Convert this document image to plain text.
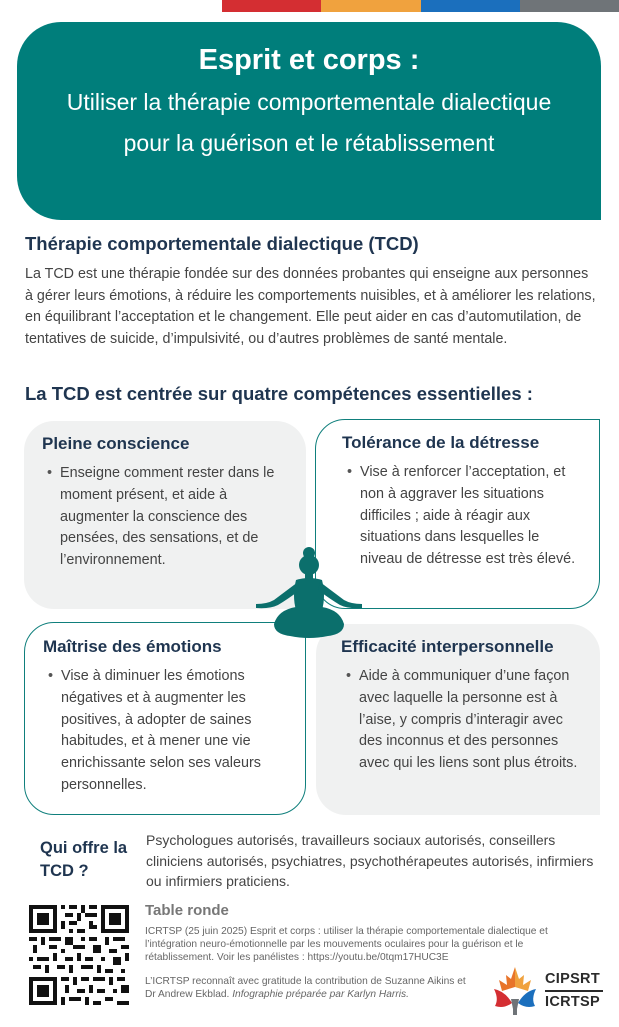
Esprit et corps :
Utiliser la thérapie comportementale dialectique pour la guérison et le rétablissement
Thérapie comportementale dialectique (TCD)

La TCD est une thérapie fondée sur des données probantes qui enseigne aux personnes à gérer leurs émotions, à réduire les comportements nuisibles, et à améliorer les relations, en équilibrant l’acceptation et le changement. Elle peut aider en cas d’automutilation, de tentatives de suicide, d’impulsivité, ou d’autres problèmes de santé mentale.

La TCD est centrée sur quatre compétences essentielles :
Pleine conscience
• Enseigne comment rester dans le moment présent, et aide à augmenter la conscience des pensées, des sensations, et de l’environnement.
Tolérance de la détresse
• Vise à renforcer l’acceptation, et non à aggraver les situations difficiles ; aide à réagir aux situations dans lesquelles le niveau de détresse est très élevé.
Maîtrise des émotions
• Vise à diminuer les émotions négatives et à augmenter les positives, à adopter de saines habitudes, et à mener une vie enrichissante selon ses valeurs personnelles.
Efficacité interpersonnelle
• Aide à communiquer d’une façon avec laquelle la personne est à l’aise, y compris d’interagir avec des inconnus et des personnes avec qui les liens sont plus étroits.
Qui offre la TCD ?
Psychologues autorisés, travailleurs sociaux autorisés, conseillers cliniciens autorisés, psychiatres, psychothérapeutes autorisés, infirmiers ou infirmiers praticiens.
Table ronde
ICRTSP (25 juin 2025) Esprit et corps : utiliser la thérapie comportementale dialectique et l’intégration neuro-émotionnelle par les mouvements oculaires pour la guérison et le rétablissement. Voir les panélistes : https://youtu.be/0tqm17HUC3E
L’ICRTSP reconnaît avec gratitude la contribution de Suzanne Aikins et Dr Andrew Ekblad. Infographie préparée par Karlyn Harris.
CIPSRT
ICRTSP
